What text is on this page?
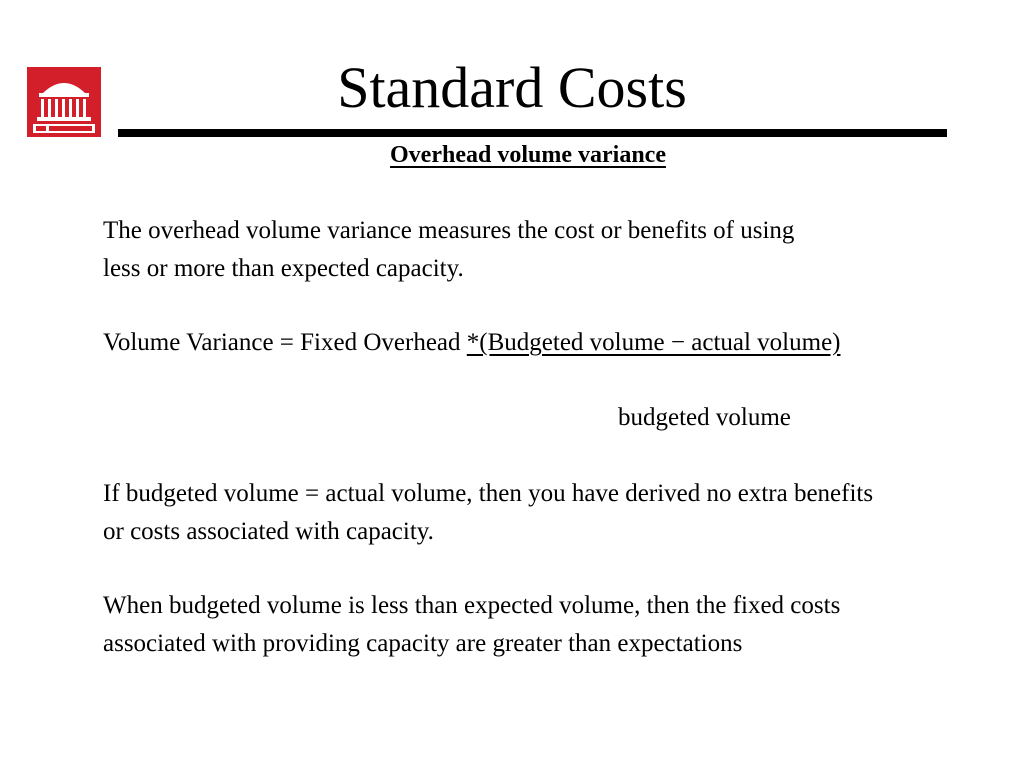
Standard Costs
Overhead volume variance

The overhead volume variance measures the cost or benefits of using
less or more than expected capacity.

Volume Variance = Fixed Overhead *(Budgeted volume − actual volume)

budgeted volume

If budgeted volume = actual volume, then you have derived no extra benefits
or costs associated with capacity.

When budgeted volume is less than expected volume, then the fixed costs
associated with providing capacity are greater than expectations
